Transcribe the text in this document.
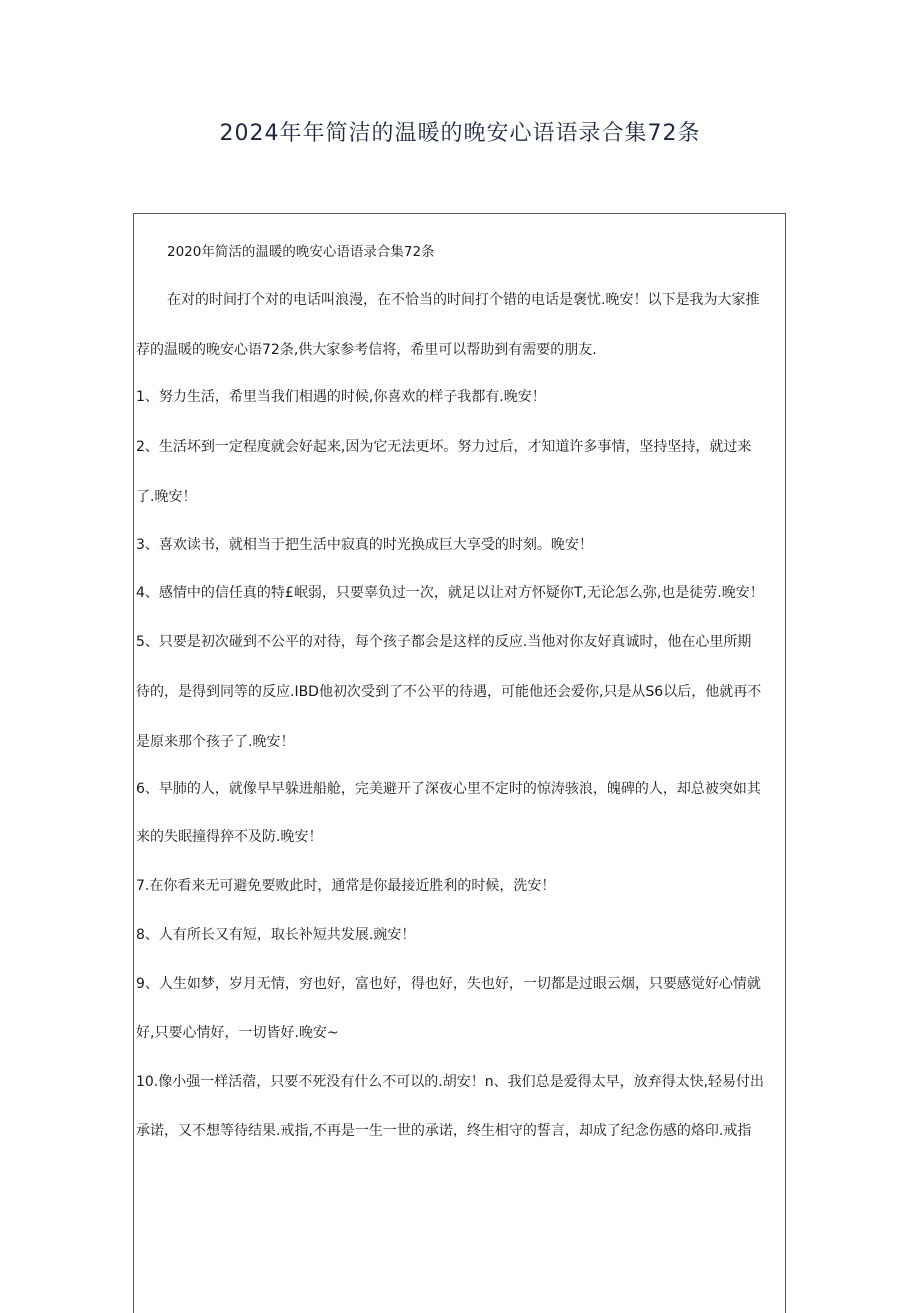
2024年年简洁的温暖的晚安心语语录合集72条
2020年简活的温暖的晚安心语语录合集72条
在对的时间打个对的电话叫浪漫，在不恰当的时间打个错的电话是褒忧.晚安！以下是我为大家推
荐的温暖的晚安心语72条,供大家参考信将，希里可以帮助到有需要的朋友.
1、努力生活，希里当我们相遇的时候,你喜欢的样子我都有.晚安！
2、生活坏到一定程度就会好起来,因为它无法更坏。努力过后，才知道许多事情，坚持坚持，就过来
了.晚安！
3、喜欢读书，就相当于把生活中寂真的时光换成巨大享受的时刻。晚安！
4、感情中的信任真的特£岷弱，只要辜负过一次，就足以让对方怀疑你T,无论怎么弥,也是徒劳.晚安！
5、只要是初次碰到不公平的对待，每个孩子都会是这样的反应.当他对你友好真诚时，他在心里所期
待的，是得到同等的反应.IBD他初次受到了不公平的待遇，可能他还会爱你,只是从S6以后，他就再不
是原来那个孩子了.晚安！
6、早肺的人，就像早早躲进船舱，完美避开了深夜心里不定时的惊涛骇浪，魄碑的人，却总被突如其
来的失眠撞得猝不及防.晚安！
7.在你看来无可避免要败此时，通常是你最接近胜利的时候，洗安！
8、人有所长又有短，取长补短共发展.豌安！
9、人生如梦，岁月无情，穷也好，富也好，得也好，失也好，一切都是过眼云烟，只要感觉好心情就
好,只要心情好，一切皆好.晚安~
10.像小强一样活蓿，只要不死没有什么不可以的.胡安！n、我们总是爱得太早，放弃得太快,轻易付出
承诺，又不想等待结果.戒指,不再是一生一世的承诺，终生相守的誓言，却成了纪念伤感的烙印.戒指
